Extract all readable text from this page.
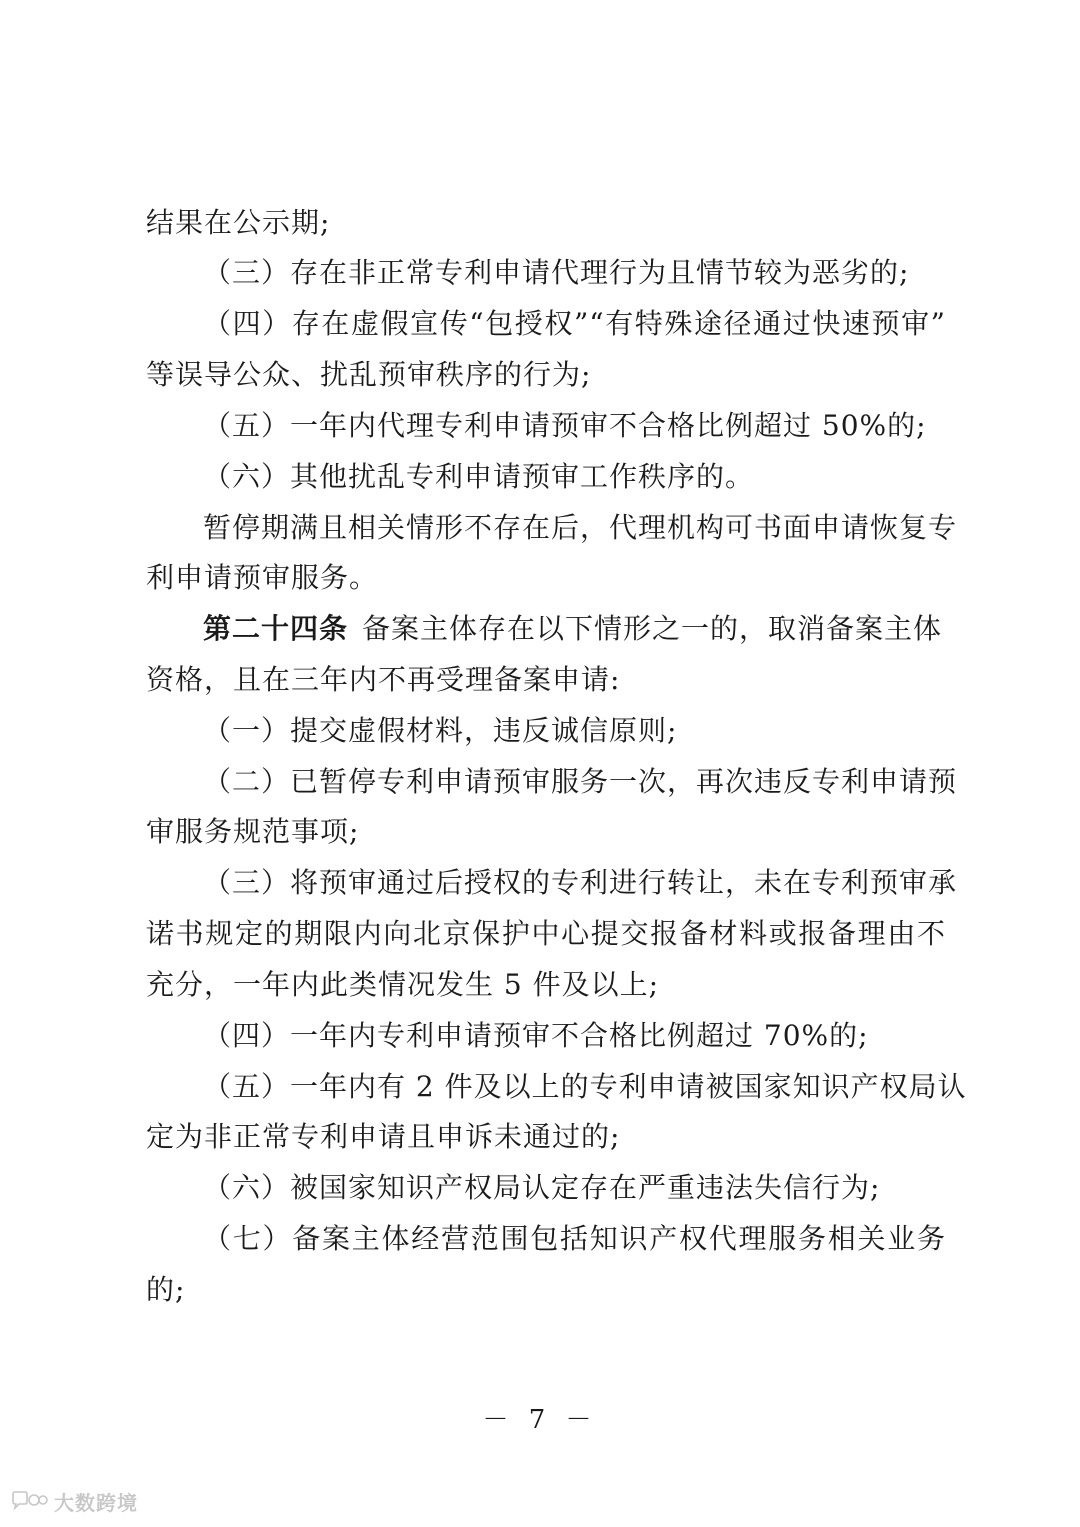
结果在公示期;
（三）存在非正常专利申请代理行为且情节较为恶劣的;
（四）存在虚假宣传“包授权”“有特殊途径通过快速预审”
等误导公众、扰乱预审秩序的行为;
（五）一年内代理专利申请预审不合格比例超过 50%的;
（六）其他扰乱专利申请预审工作秩序的。
暂停期满且相关情形不存在后，代理机构可书面申请恢复专
利申请预审服务。
第二十四条 备案主体存在以下情形之一的，取消备案主体
资格，且在三年内不再受理备案申请:
（一）提交虚假材料，违反诚信原则;
（二）已暂停专利申请预审服务一次，再次违反专利申请预
审服务规范事项;
（三）将预审通过后授权的专利进行转让，未在专利预审承
诺书规定的期限内向北京保护中心提交报备材料或报备理由不
充分，一年内此类情况发生 5 件及以上;
（四）一年内专利申请预审不合格比例超过 70%的;
（五）一年内有 2 件及以上的专利申请被国家知识产权局认
定为非正常专利申请且申诉未通过的;
（六）被国家知识产权局认定存在严重违法失信行为;
（七）备案主体经营范围包括知识产权代理服务相关业务
的;
－ 7 －
大数跨境
